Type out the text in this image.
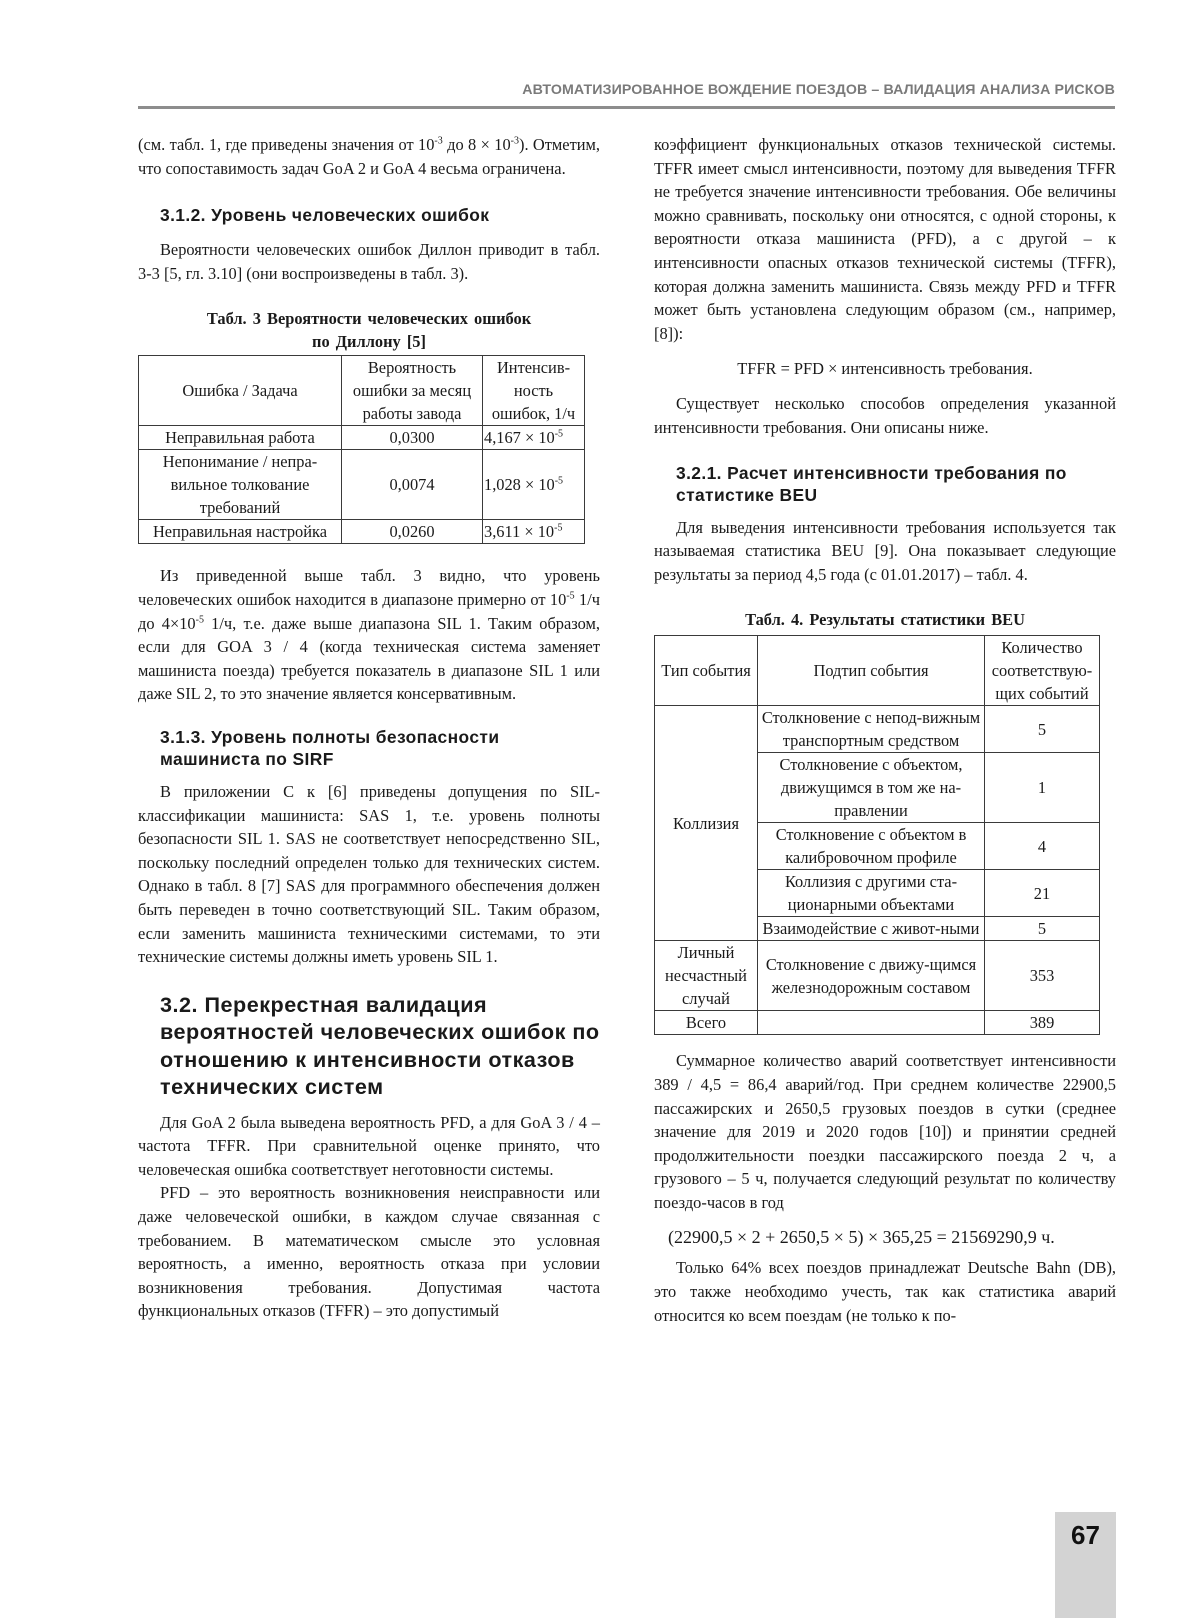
АВТОМАТИЗИРОВАННОЕ ВОЖДЕНИЕ ПОЕЗДОВ – ВАЛИДАЦИЯ АНАЛИЗА РИСКОВ

(см. табл. 1, где приведены значения от $10^{-3}$ до $8 \times 10^{-3}$). Отметим, что сопоставимость задач GoA 2 и GoA 4 весьма ограничена.

3.1.2. Уровень человеческих ошибок

Вероятности человеческих ошибок Диллон приводит в табл. 3-3 [5, гл. 3.10] (они воспроизведены в табл. 3).

Табл. 3 Вероятности человеческих ошибок
по Диллону [5]
Ошибка / Задача	Вероятность ошибки за месяц работы завода	Интенсив-ность ошибок, 1/ч
Неправильная работа	0,0300	$4,167 \times 10^{-5}$
Непонимание / непра-вильное толкование требований	0,0074	$1,028 \times 10^{-5}$
Неправильная настройка	0,0260	$3,611 \times 10^{-5}$

Из приведенной выше табл. 3 видно, что уровень человеческих ошибок находится в диапазоне примерно от $10^{-5}$ 1/ч до $4\times 10^{-5}$ 1/ч, т.е. даже выше диапазона SIL 1. Таким образом, если для GOA 3 / 4 (когда техническая система заменяет машиниста поезда) требуется показатель в диапазоне SIL 1 или даже SIL 2, то это значение является консервативным.

3.1.3. Уровень полноты безопасности машиниста по SIRF

В приложении С к [6] приведены допущения по SIL-классификации машиниста: SAS 1, т.е. уровень полноты безопасности SIL 1. SAS не соответствует непосредственно SIL, поскольку последний определен только для технических систем. Однако в табл. 8 [7] SAS для программного обеспечения должен быть переведен в точно соответствующий SIL. Таким образом, если заменить машиниста техническими системами, то эти технические системы должны иметь уровень SIL 1.

3.2. Перекрестная валидация вероятностей человеческих ошибок по отношению к интенсивности отказов технических систем

Для GoA 2 была выведена вероятность PFD, а для GoA 3 / 4 – частота TFFR. При сравнительной оценке принято, что человеческая ошибка соответствует неготовности системы.

PFD – это вероятность возникновения неисправности или даже человеческой ошибки, в каждом случае связанная с требованием. В математическом смысле это условная вероятность, а именно, вероятность отказа при условии возникновения требования. Допустимая частота функциональных отказов (TFFR) – это допустимый

коэффициент функциональных отказов технической системы. TFFR имеет смысл интенсивности, поэтому для выведения TFFR не требуется значение интенсивности требования. Обе величины можно сравнивать, поскольку они относятся, с одной стороны, к вероятности отказа машиниста (PFD), а с другой – к интенсивности опасных отказов технической системы (TFFR), которая должна заменить машиниста. Связь между PFD и TFFR может быть установлена следующим образом (см., например, [8]):

TFFR = PFD × интенсивность требования.

Существует несколько способов определения указанной интенсивности требования. Они описаны ниже.

3.2.1. Расчет интенсивности требования по статистике BEU

Для выведения интенсивности требования используется так называемая статистика BEU [9]. Она показывает следующие результаты за период 4,5 года (с 01.01.2017) – табл. 4.

Табл. 4. Результаты статистики BEU
Тип события	Подтип события	Количество соответствую-щих событий
Коллизия	Столкновение с непод-вижным транспортным средством	5
	Столкновение с объектом, движущимся в том же на-правлении	1
	Столкновение с объектом в калибровочном профиле	4
	Коллизия с другими ста-ционарными объектами	21
	Взаимодействие с живот-ными	5
Личный несчастный случай	Столкновение с движу-щимся железнодорожным составом	353
Всего		389

Суммарное количество аварий соответствует интенсивности 389 / 4,5 = 86,4 аварий/год. При среднем количестве 22900,5 пассажирских и 2650,5 грузовых поездов в сутки (среднее значение для 2019 и 2020 годов [10]) и принятии средней продолжительности поездки пассажирского поезда 2 ч, а грузового – 5 ч, получается следующий результат по количеству поездо-часов в год

(22900,5 × 2 + 2650,5 × 5) × 365,25 = 21569290,9 ч.

Только 64% всех поездов принадлежат Deutsche Bahn (DB), это также необходимо учесть, так как статистика аварий относится ко всем поездам (не только к по-

67
